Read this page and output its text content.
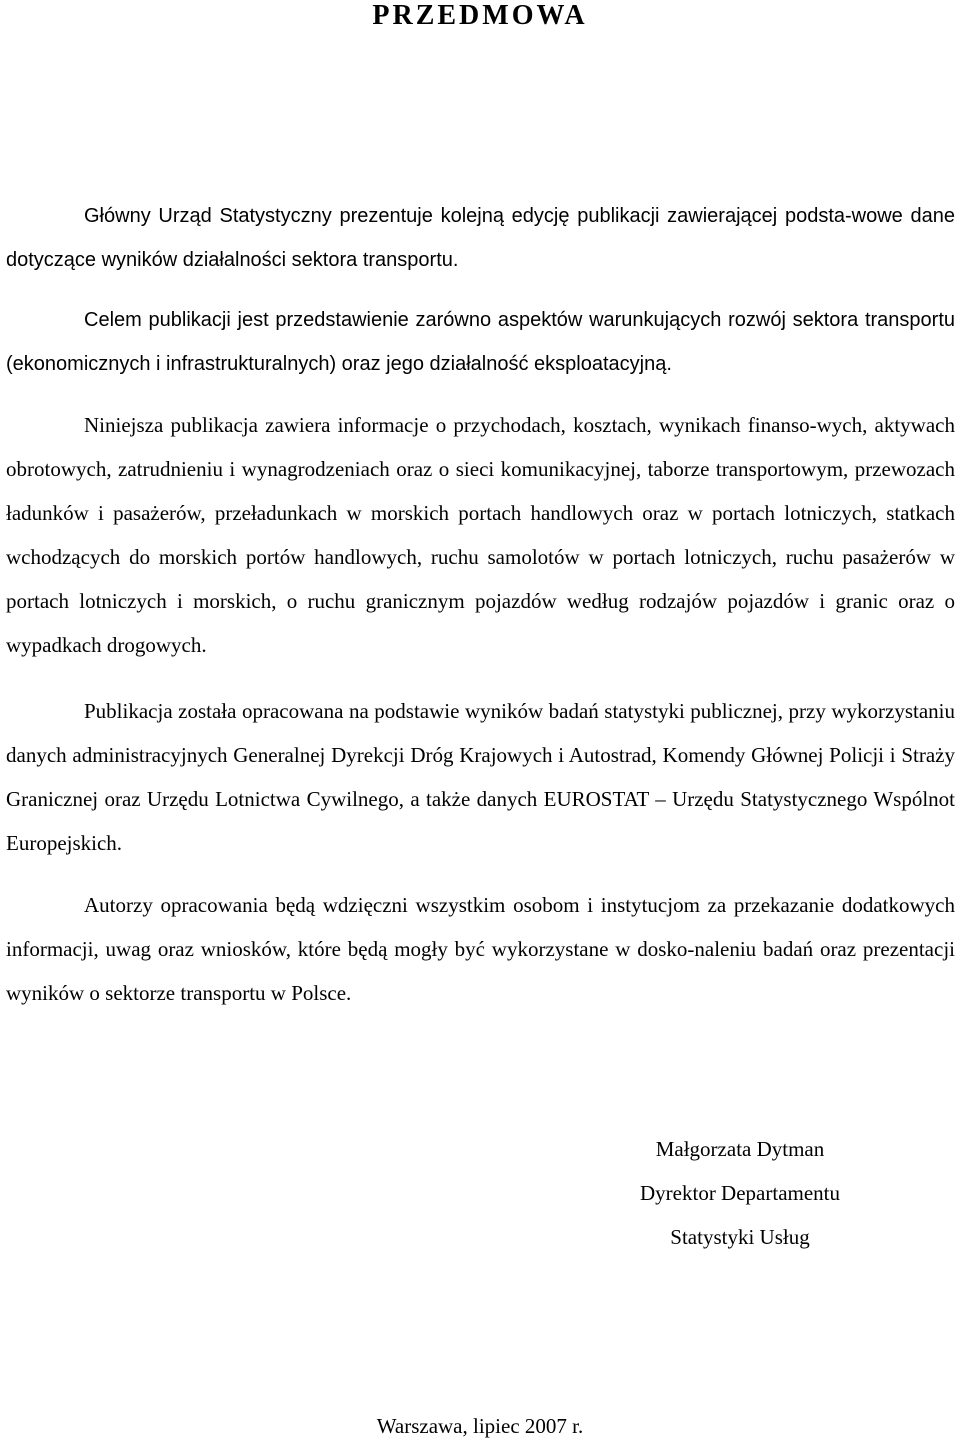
PRZEDMOWA

Główny Urząd Statystyczny prezentuje kolejną edycję publikacji zawierającej podsta-wowe dane dotyczące wyników działalności sektora transportu.

Celem publikacji jest przedstawienie zarówno aspektów warunkujących rozwój sektora transportu (ekonomicznych i infrastrukturalnych) oraz jego działalność eksploatacyjną.

Niniejsza publikacja zawiera informacje o przychodach, kosztach, wynikach finanso-wych, aktywach obrotowych, zatrudnieniu i wynagrodzeniach oraz o sieci komunikacyjnej, taborze transportowym, przewozach ładunków i pasażerów, przeładunkach w morskich portach handlowych oraz w portach lotniczych, statkach wchodzących do morskich portów handlowych, ruchu samolotów w portach lotniczych, ruchu pasażerów w portach lotniczych i morskich, o ruchu granicznym pojazdów według rodzajów pojazdów i granic oraz o wypadkach drogowych.

Publikacja została opracowana na podstawie wyników badań statystyki publicznej, przy wykorzystaniu danych administracyjnych Generalnej Dyrekcji Dróg Krajowych i Autostrad, Komendy Głównej Policji i Straży Granicznej oraz Urzędu Lotnictwa Cywilnego, a także danych EUROSTAT – Urzędu Statystycznego Wspólnot Europejskich.

Autorzy opracowania będą wdzięczni wszystkim osobom i instytucjom za przekazanie dodatkowych informacji, uwag oraz wniosków, które będą mogły być wykorzystane w dosko-naleniu badań oraz prezentacji wyników o sektorze transportu w Polsce.

Małgorzata Dytman
Dyrektor Departamentu
Statystyki Usług
Warszawa, lipiec 2007 r.
